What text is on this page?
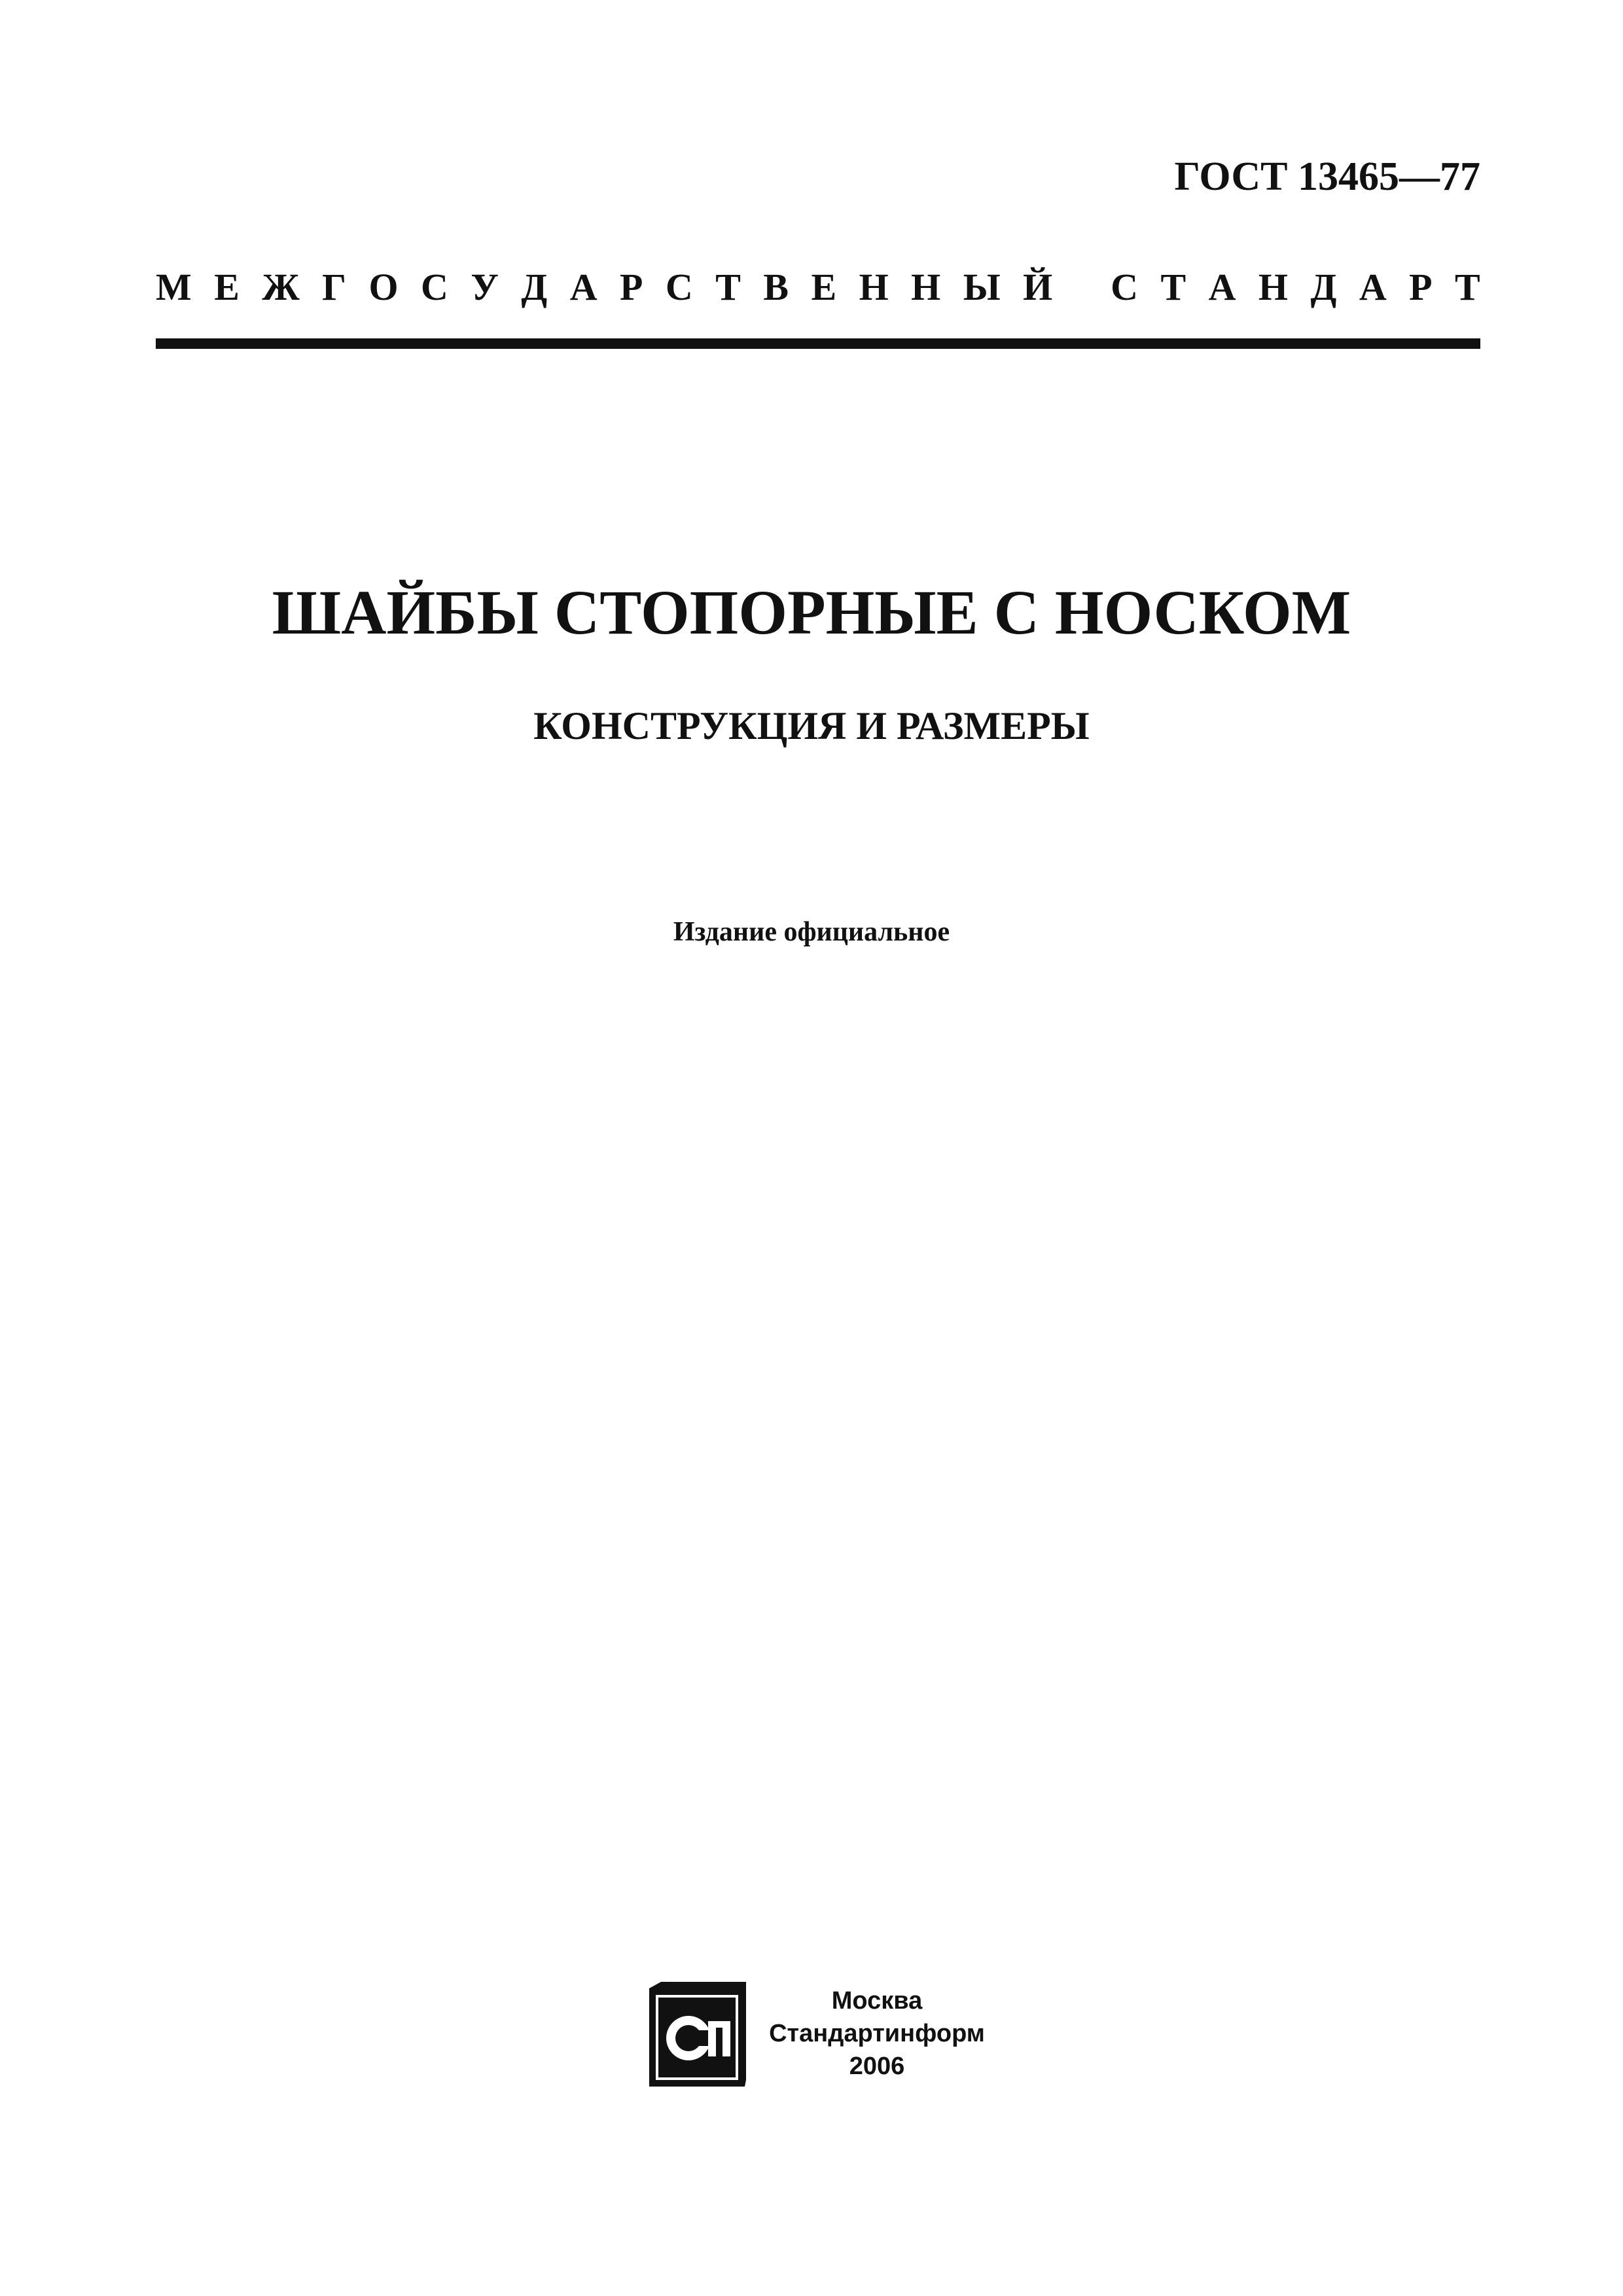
ГОСТ 13465—77
М Е Ж Г О С У Д А Р С Т В Е Н Н Ы Й С Т А Н Д А Р Т
ШАЙБЫ СТОПОРНЫЕ С НОСКОМ
КОНСТРУКЦИЯ И РАЗМЕРЫ
Издание официальное
Москва
Стандартинформ
2006
